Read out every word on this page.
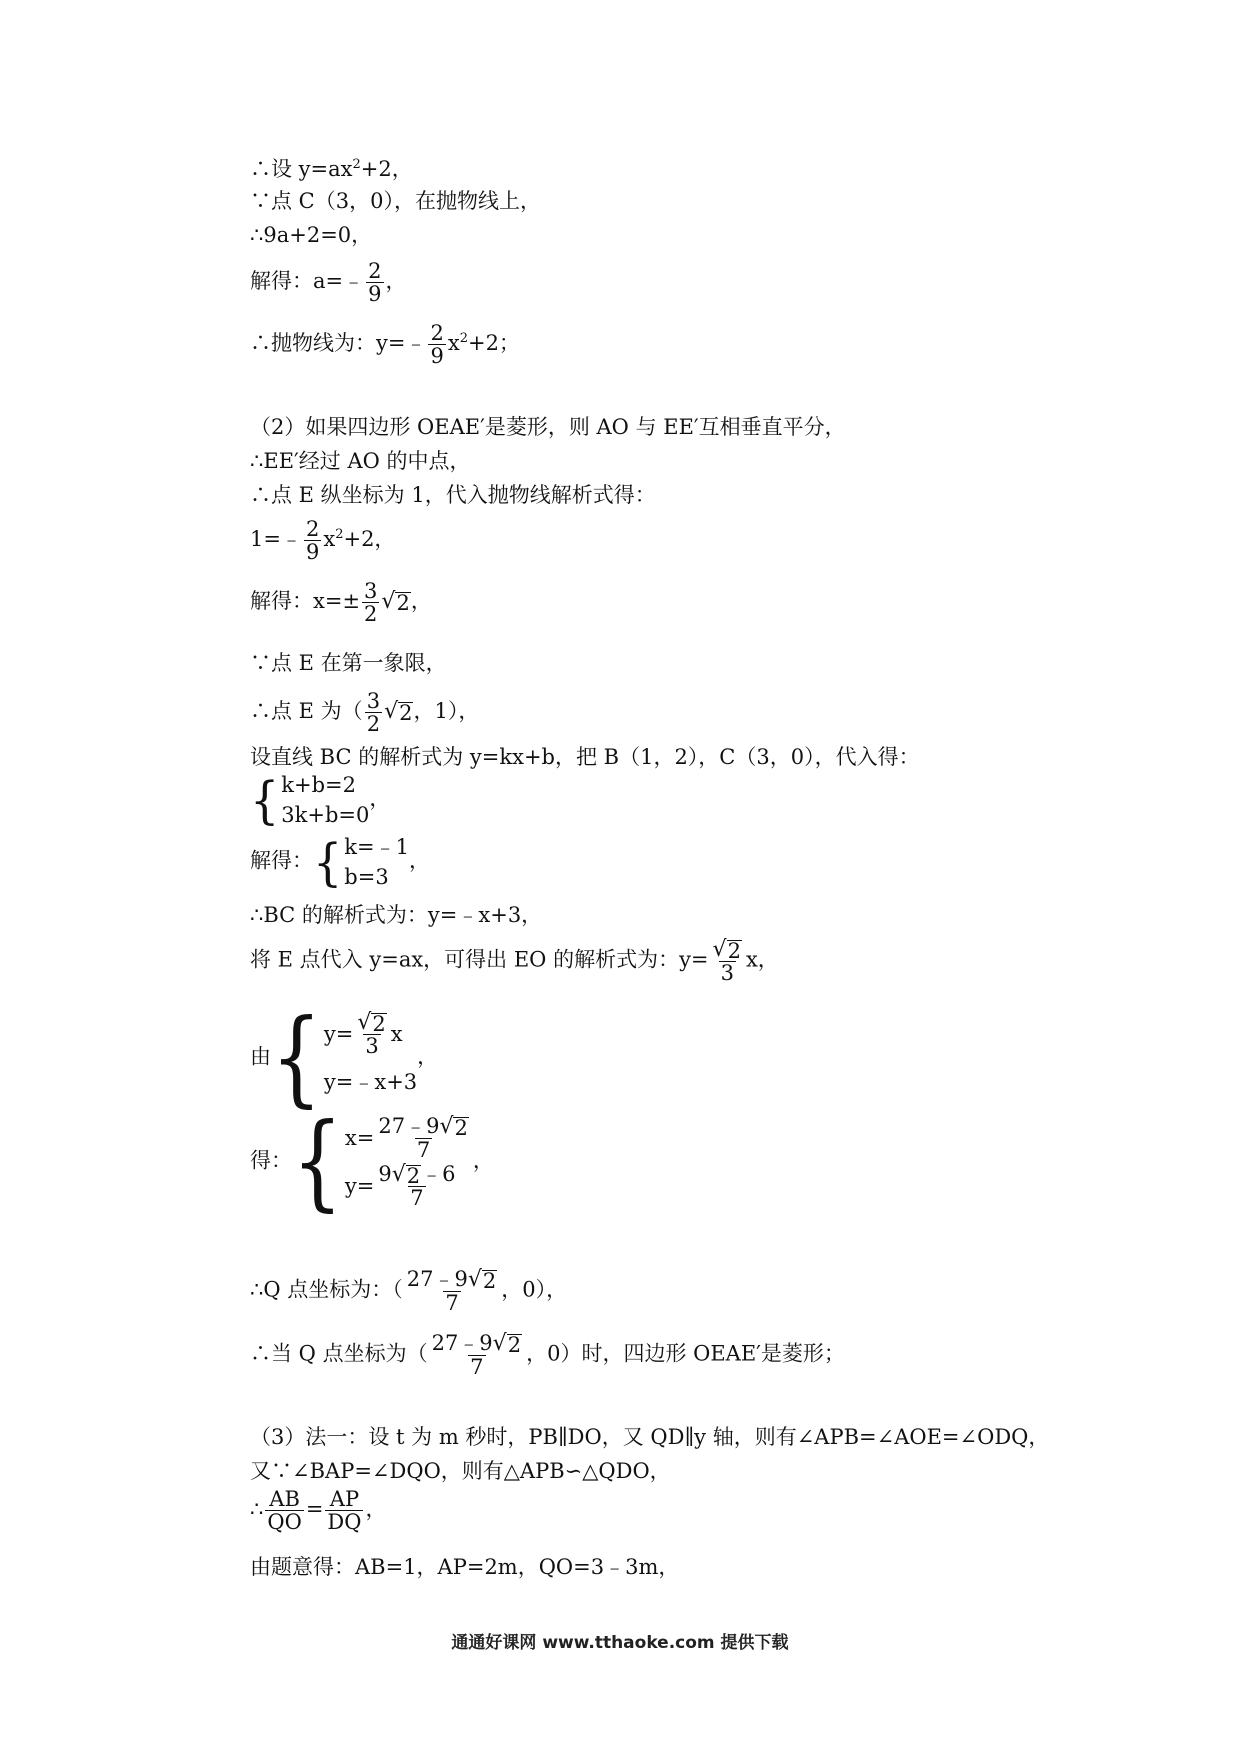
∴设 $y=ax^2+2$，
∵点 C（3，0），在抛物线上，
∴9a+2=0，
解得：a=﹣ $\frac{2}{9}$ ，
∴抛物线为：y=﹣ $\frac{2}{9} x^2+2$；
（2）如果四边形 OEAE′是菱形，则 AO 与 EE′互相垂直平分，
∴EE′经过 AO 的中点，
∴点 E 纵坐标为 1，代入抛物线解析式得：
1=﹣ $\frac{2}{9} x^2+2$，
解得：$x=\pm \frac{3}{2}$ √ 2 ，
∵点 E 在第一象限，
∴点 E 为（ $\frac{3}{2}$ √ 2 ，1），
设直线 BC 的解析式为 y=kx+b，把 B（1，2），C（3，0），代入得：
{ k+b=2
3k+b=0
，
解得： { k=﹣1
b=3
，
∴BC 的解析式为：y=﹣x+3，
将 E 点代入 y=ax，可得出 EO 的解析式为：$y= \frac{√ 2}{3}$ x，
由 { $y= \frac{√ 2}{3}$ x
y=﹣x+3
，
得： { $x= \frac{27﹣9 √ 2}{7}$
$y= \frac{9 √ 2 ﹣6}{7}$
，
∴Q 点坐标为：（ $\frac{27﹣9 √ 2}{7}$ ，0），
∴当 Q 点坐标为（ $\frac{27﹣9 √ 2}{7}$ ，0）时，四边形 OEAE′是菱形；
（3）法一：设 t 为 m 秒时，PB∥DO，又 QD∥y 轴，则有∠APB=∠AOE=∠ODQ，
又∵∠BAP=∠DQO，则有△APB∽△QDO，
∴ $\frac{AB}{QO} = \frac{AP}{DQ}$ ，
由题意得：AB=1，AP=2m，QO=3﹣3m，
通通好课网 www.tthaoke.com 提供下载
